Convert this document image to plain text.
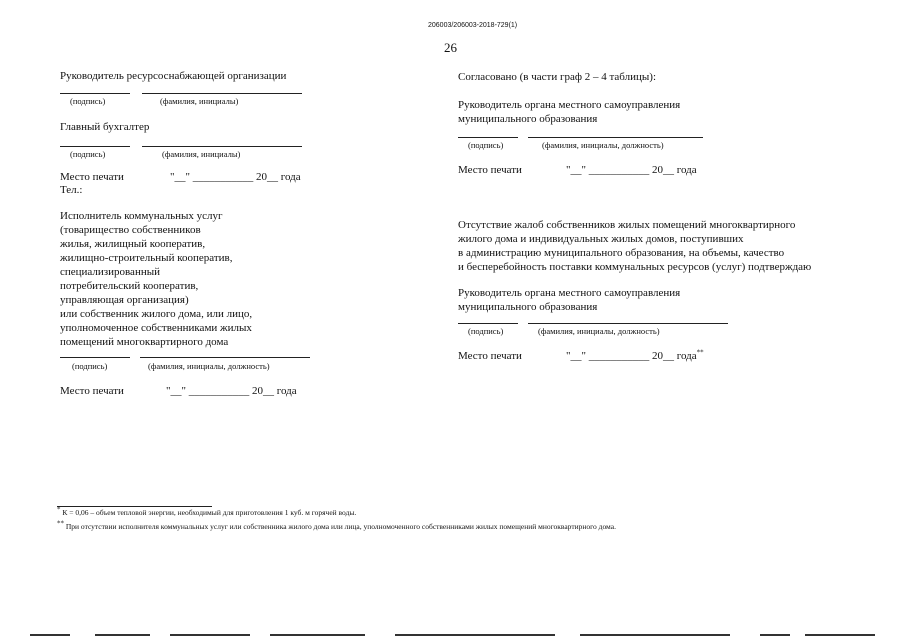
206003/206003-2018-729(1)
26
Руководитель ресурсоснабжающей организации
(подпись)	(фамилия, инициалы)
Главный бухгалтер
(подпись)	(фамилия, инициалы)
Место печати	"__" ___________ 20__ года
Тел.:
Исполнитель коммунальных услуг
(товарищество собственников
жилья, жилищный кооператив,
жилищно-строительный кооператив,
специализированный
потребительский кооператив,
управляющая организация)
или собственник жилого дома, или лицо,
уполномоченное собственниками жилых
помещений многоквартирного дома
(подпись)	(фамилия, инициалы, должность)
Место печати	"__" ___________ 20__ года
Согласовано (в части граф 2 – 4 таблицы):
Руководитель органа местного самоуправления
муниципального образования
(подпись)	(фамилия, инициалы, должность)
Место печати	"__" ___________ 20__ года
Отсутствие жалоб собственников жилых помещений многоквартирного
жилого дома и индивидуальных жилых домов, поступивших
в администрацию муниципального образования, на объемы, качество
и бесперебойность поставки коммунальных ресурсов (услуг) подтверждаю
Руководитель органа местного самоуправления
муниципального образования
(подпись)	(фамилия, инициалы, должность)
Место печати	"__" ___________ 20__ года**
* К = 0,06 – объем тепловой энергии, необходимый для приготовления 1 куб. м горячей воды.
** При отсутствии исполнителя коммунальных услуг или собственника жилого дома или лица, уполномоченного собственниками жилых помещений многоквартирного дома.
